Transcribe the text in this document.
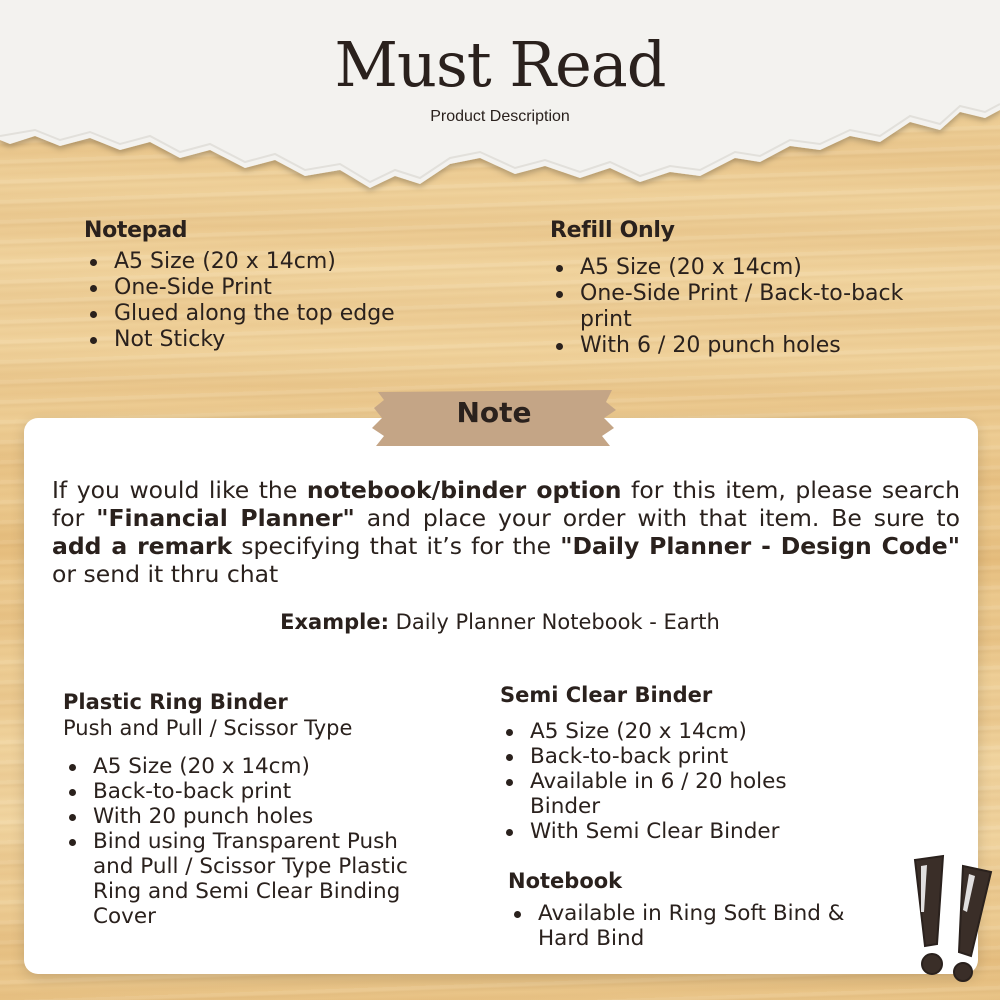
Must Read
Product Description
Notepad
A5 Size (20 x 14cm)
One-Side Print
Glued along the top edge
Not Sticky
Refill Only
A5 Size (20 x 14cm)
One-Side Print / Back-to-back print
With 6 / 20 punch holes
Note
If you would like the notebook/binder option for this item, please search for "Financial Planner" and place your order with that item. Be sure to add a remark specifying that it’s for the "Daily Planner - Design Code" or send it thru chat
Example: Daily Planner Notebook - Earth
Plastic Ring Binder
Push and Pull / Scissor Type
A5 Size (20 x 14cm)
Back-to-back print
With 20 punch holes
Bind using Transparent Push and Pull / Scissor Type Plastic Ring and Semi Clear Binding Cover
Semi Clear Binder
A5 Size (20 x 14cm)
Back-to-back print
Available in 6 / 20 holes Binder
With Semi Clear Binder
Notebook
Available in Ring Soft Bind & Hard Bind
